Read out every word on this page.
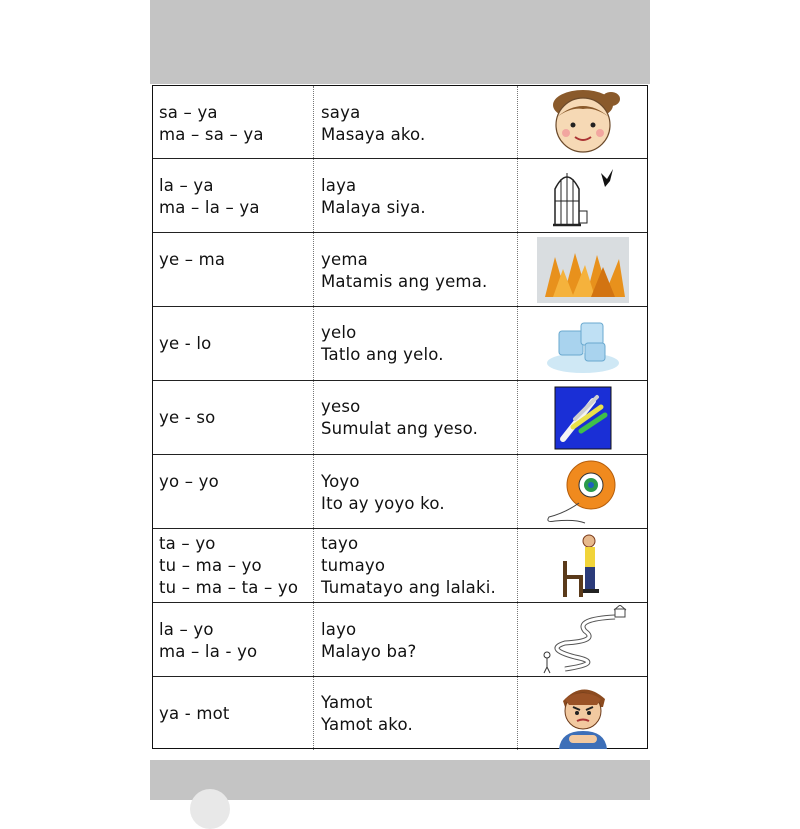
sa – ya
ma – sa – ya
saya
Masaya ako.
la – ya
ma – la – ya
laya
Malaya siya.
ye – ma	yema
Matamis ang yema.
ye - lo
yelo
Tatlo ang yelo.
ye - so
yeso
Sumulat ang yeso.
yo – yo	Yoyo
Ito ay yoyo ko.
ta – yo
tu – ma – yo
tu – ma – ta – yo
tayo
tumayo
Tumatayo ang lalaki.
la – yo
ma – la - yo
layo
Malayo ba?
ya - mot
Yamot
Yamot ako.
